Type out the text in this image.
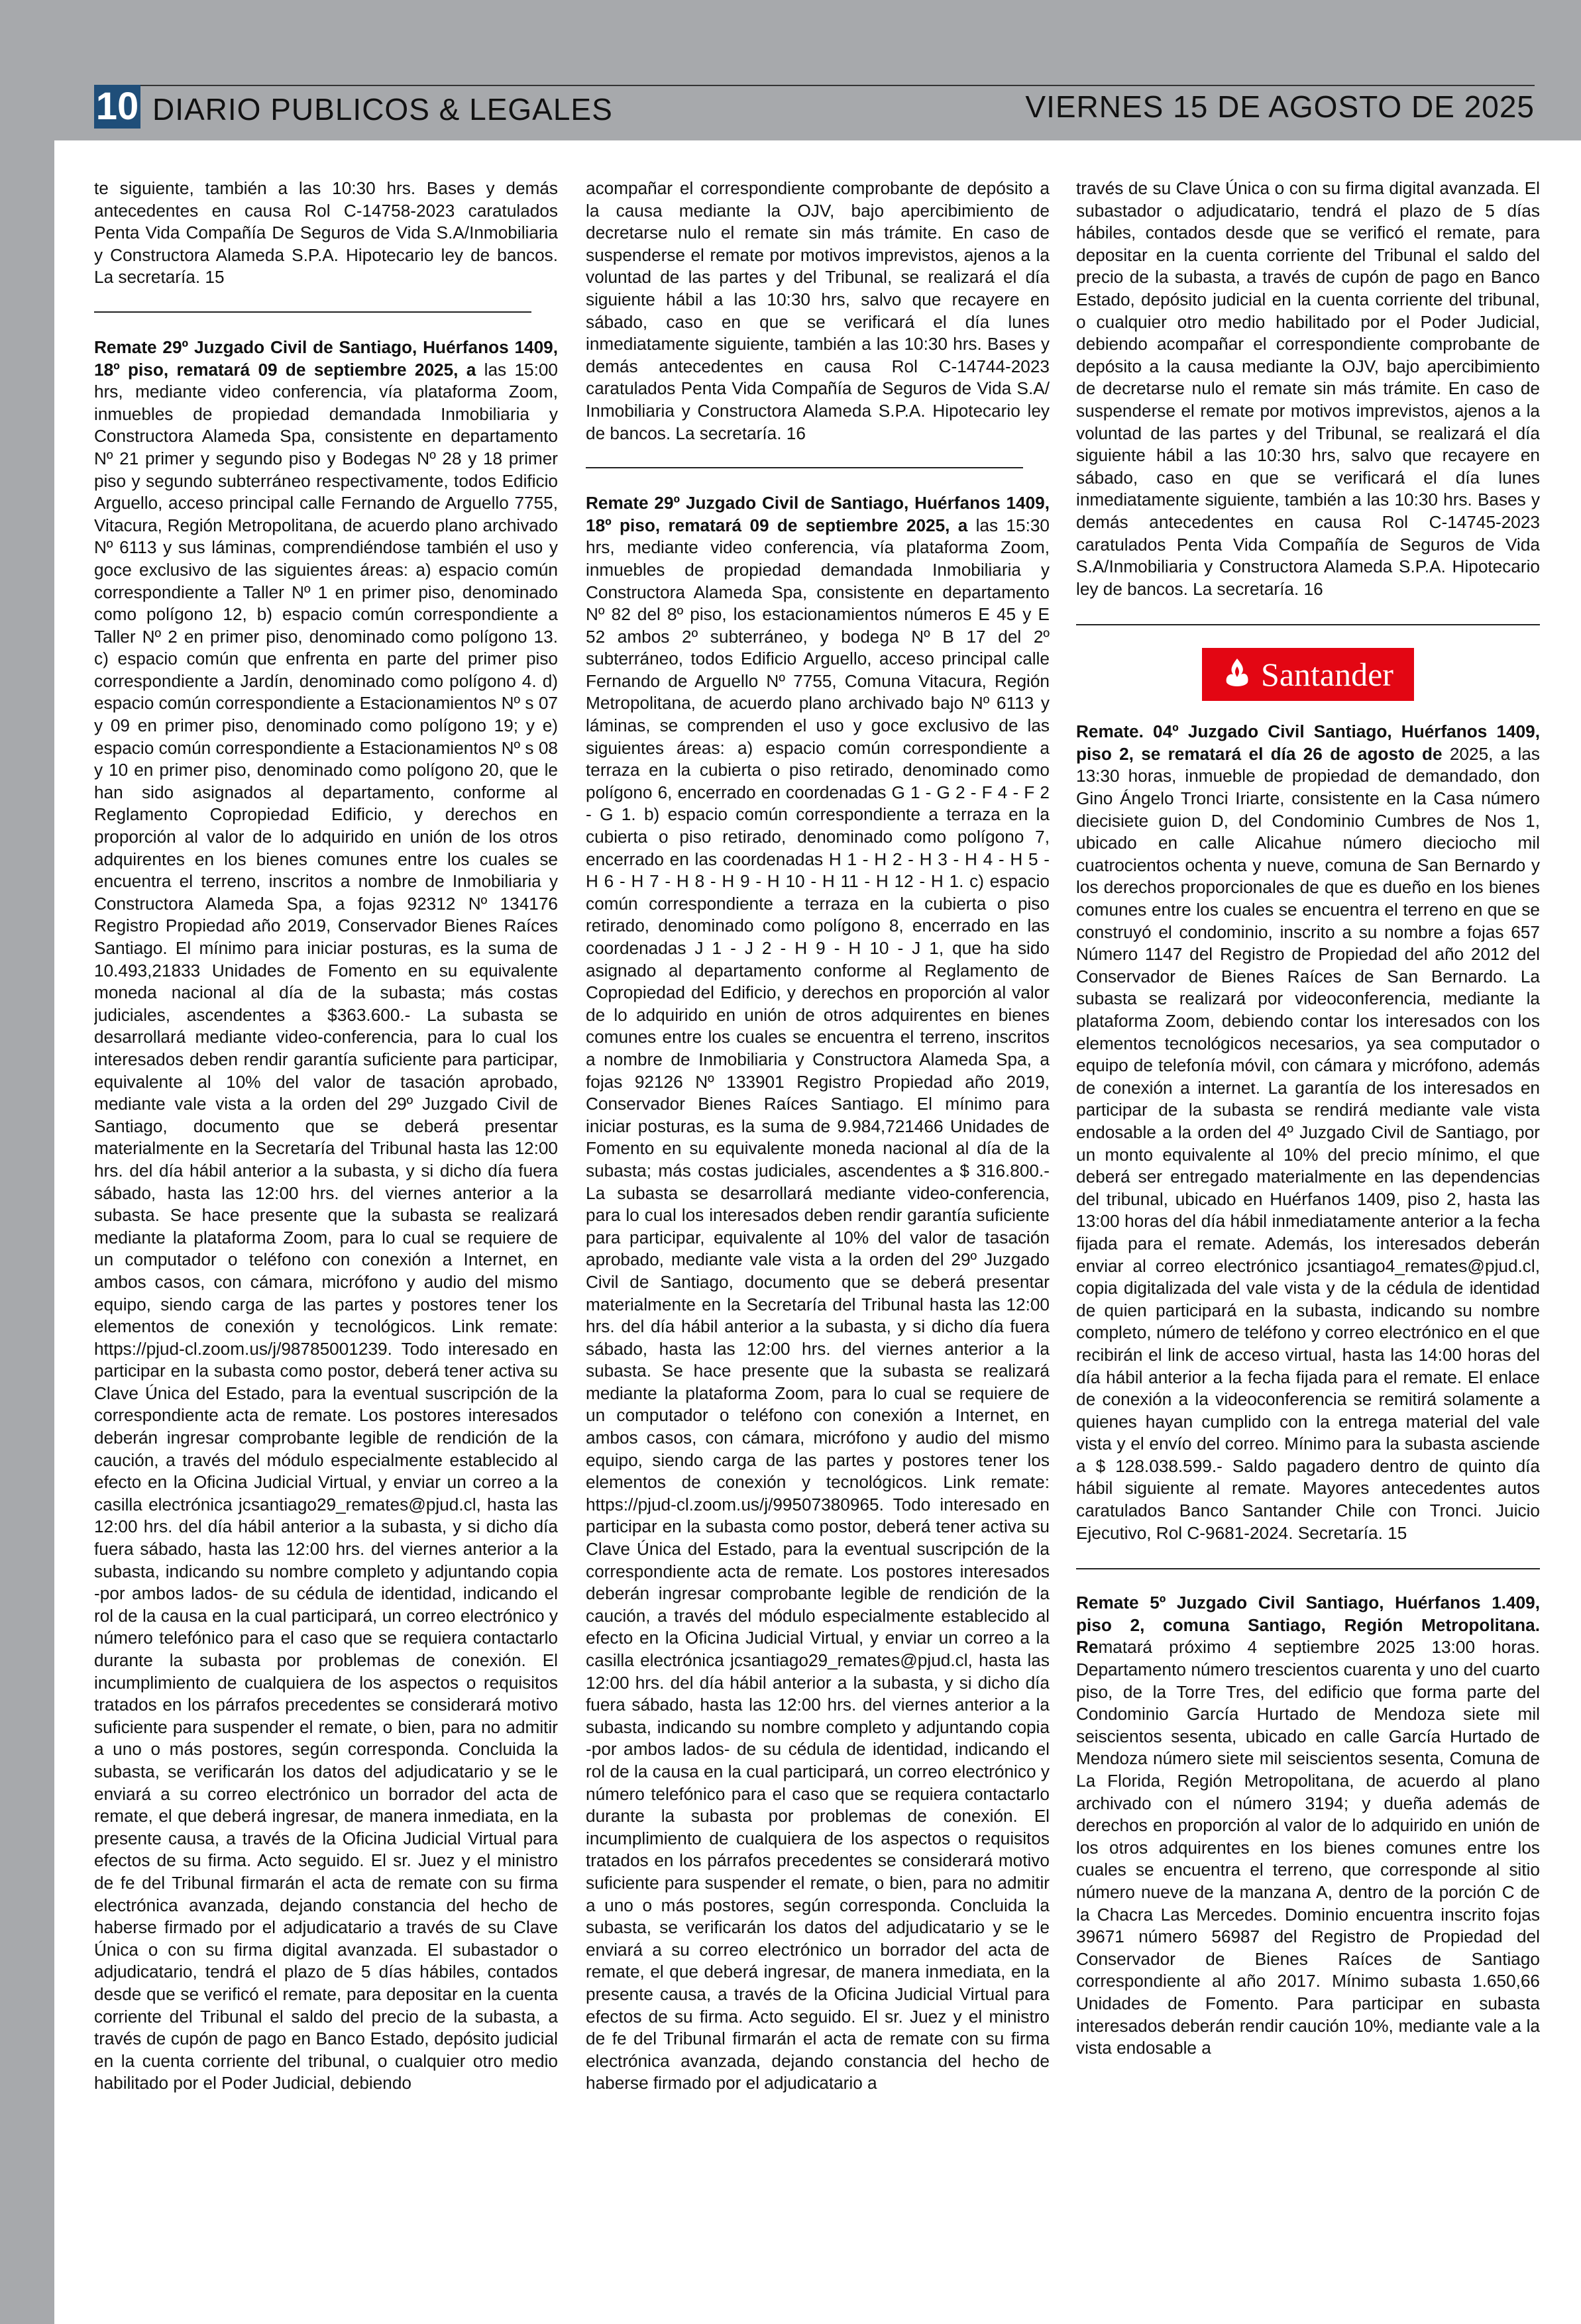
10 DIARIO PUBLICOS & LEGALES	VIERNES 15 DE AGOSTO DE 2025

te siguiente, también a las 10:30 hrs. Bases y demás antecedentes en causa Rol C-14758-2023 caratulados Penta Vida Compañía De Seguros de Vida S.A/Inmobiliaria y Constructora Alameda S.P.A. Hipotecario ley de bancos. La secretaría. 15

Remate 29º Juzgado Civil de Santiago, Huérfanos 1409, 18º piso, rematará 09 de septiembre 2025, a las 15:00 hrs, mediante video conferencia, vía plataforma Zoom, inmuebles de propiedad demandada Inmobiliaria y Constructora Alameda Spa, consistente en departamento Nº 21 primer y segundo piso y Bodegas Nº 28 y 18 primer piso y segundo subterráneo respectivamente, todos Edificio Arguello, acceso principal calle Fernando de Arguello 7755, Vitacura, Región Metropolitana, de acuerdo plano archivado Nº 6113 y sus láminas, comprendiéndose también el uso y goce exclusivo de las siguientes áreas: a) espacio común correspondiente a Taller Nº 1 en primer piso, denominado como polígono 12, b) espacio común correspondiente a Taller Nº 2 en primer piso, denominado como polígono 13. c) espacio común que enfrenta en parte del primer piso correspondiente a Jardín, denominado como polígono 4. d) espacio común correspondiente a Estacionamientos Nº s 07 y 09 en primer piso, denominado como polígono 19; y e) espacio común correspondiente a Estacionamientos Nº s 08 y 10 en primer piso, denominado como polígono 20, que le han sido asignados al departamento, conforme al Reglamento Copropiedad Edificio, y derechos en proporción al valor de lo adquirido en unión de los otros adquirentes en los bienes comunes entre los cuales se encuentra el terreno, inscritos a nombre de Inmobiliaria y Constructora Alameda Spa, a fojas 92312 Nº 134176 Registro Propiedad año 2019, Conservador Bienes Raíces Santiago. El mínimo para iniciar posturas, es la suma de 10.493,21833 Unidades de Fomento en su equivalente moneda nacional al día de la subasta; más costas judiciales, ascendentes a $363.600.- La subasta se desarrollará mediante video-conferencia, para lo cual los interesados deben rendir garantía suficiente para participar, equivalente al 10% del valor de tasación aprobado, mediante vale vista a la orden del 29º Juzgado Civil de Santiago, documento que se deberá presentar materialmente en la Secretaría del Tribunal hasta las 12:00 hrs. del día hábil anterior a la subasta, y si dicho día fuera sábado, hasta las 12:00 hrs. del viernes anterior a la subasta. Se hace presente que la subasta se realizará mediante la plataforma Zoom, para lo cual se requiere de un computador o teléfono con conexión a Internet, en ambos casos, con cámara, micrófono y audio del mismo equipo, siendo carga de las partes y postores tener los elementos de conexión y tecnológicos. Link remate: https://pjud-cl.zoom.us/j/98785001239. Todo interesado en participar en la subasta como postor, deberá tener activa su Clave Única del Estado, para la eventual suscripción de la correspondiente acta de remate. Los postores interesados deberán ingresar comprobante legible de rendición de la caución, a través del módulo especialmente establecido al efecto en la Oficina Judicial Virtual, y enviar un correo a la casilla electrónica jcsantiago29_remates@pjud.cl, hasta las 12:00 hrs. del día hábil anterior a la subasta, y si dicho día fuera sábado, hasta las 12:00 hrs. del viernes anterior a la subasta, indicando su nombre completo y adjuntando copia -por ambos lados- de su cédula de identidad, indicando el rol de la causa en la cual participará, un correo electrónico y número telefónico para el caso que se requiera contactarlo durante la subasta por problemas de conexión. El incumplimiento de cualquiera de los aspectos o requisitos tratados en los párrafos precedentes se considerará motivo suficiente para suspender el remate, o bien, para no admitir a uno o más postores, según corresponda. Concluida la subasta, se verificarán los datos del adjudicatario y se le enviará a su correo electrónico un borrador del acta de remate, el que deberá ingresar, de manera inmediata, en la presente causa, a través de la Oficina Judicial Virtual para efectos de su firma. Acto seguido. El sr. Juez y el ministro de fe del Tribunal firmarán el acta de remate con su firma electrónica avanzada, dejando constancia del hecho de haberse firmado por el adjudicatario a través de su Clave Única o con su firma digital avanzada. El subastador o adjudicatario, tendrá el plazo de 5 días hábiles, contados desde que se verificó el remate, para depositar en la cuenta corriente del Tribunal el saldo del precio de la subasta, a través de cupón de pago en Banco Estado, depósito judicial en la cuenta corriente del tribunal, o cualquier otro medio habilitado por el Poder Judicial, debiendo

acompañar el correspondiente comprobante de depósito a la causa mediante la OJV, bajo apercibimiento de decretarse nulo el remate sin más trámite. En caso de suspenderse el remate por motivos imprevistos, ajenos a la voluntad de las partes y del Tribunal, se realizará el día siguiente hábil a las 10:30 hrs, salvo que recayere en sábado, caso en que se verificará el día lunes inmediatamente siguiente, también a las 10:30 hrs. Bases y demás antecedentes en causa Rol C-14744-2023 caratulados Penta Vida Compañía de Seguros de Vida S.A/ Inmobiliaria y Constructora Alameda S.P.A. Hipotecario ley de bancos. La secretaría. 16

Remate 29º Juzgado Civil de Santiago, Huérfanos 1409, 18º piso, rematará 09 de septiembre 2025, a las 15:30 hrs, mediante video conferencia, vía plataforma Zoom, inmuebles de propiedad demandada Inmobiliaria y Constructora Alameda Spa, consistente en departamento Nº 82 del 8º piso, los estacionamientos números E 45 y E 52 ambos 2º subterráneo, y bodega Nº B 17 del 2º subterráneo, todos Edificio Arguello, acceso principal calle Fernando de Arguello Nº 7755, Comuna Vitacura, Región Metropolitana, de acuerdo plano archivado bajo Nº 6113 y láminas, se comprenden el uso y goce exclusivo de las siguientes áreas: a) espacio común correspondiente a terraza en la cubierta o piso retirado, denominado como polígono 6, encerrado en coordenadas G 1 - G 2 - F 4 - F 2 - G 1. b) espacio común correspondiente a terraza en la cubierta o piso retirado, denominado como polígono 7, encerrado en las coordenadas H 1 - H 2 - H 3 - H 4 - H 5 - H 6 - H 7 - H 8 - H 9 - H 10 - H 11 - H 12 - H 1. c) espacio común correspondiente a terraza en la cubierta o piso retirado, denominado como polígono 8, encerrado en las coordenadas J 1 - J 2 - H 9 - H 10 - J 1, que ha sido asignado al departamento conforme al Reglamento de Copropiedad del Edificio, y derechos en proporción al valor de lo adquirido en unión de otros adquirentes en bienes comunes entre los cuales se encuentra el terreno, inscritos a nombre de Inmobiliaria y Constructora Alameda Spa, a fojas 92126 Nº 133901 Registro Propiedad año 2019, Conservador Bienes Raíces Santiago. El mínimo para iniciar posturas, es la suma de 9.984,721466 Unidades de Fomento en su equivalente moneda nacional al día de la subasta; más costas judiciales, ascendentes a $ 316.800.- La subasta se desarrollará mediante video-conferencia, para lo cual los interesados deben rendir garantía suficiente para participar, equivalente al 10% del valor de tasación aprobado, mediante vale vista a la orden del 29º Juzgado Civil de Santiago, documento que se deberá presentar materialmente en la Secretaría del Tribunal hasta las 12:00 hrs. del día hábil anterior a la subasta, y si dicho día fuera sábado, hasta las 12:00 hrs. del viernes anterior a la subasta. Se hace presente que la subasta se realizará mediante la plataforma Zoom, para lo cual se requiere de un computador o teléfono con conexión a Internet, en ambos casos, con cámara, micrófono y audio del mismo equipo, siendo carga de las partes y postores tener los elementos de conexión y tecnológicos. Link remate: https://pjud-cl.zoom.us/j/99507380965. Todo interesado en participar en la subasta como postor, deberá tener activa su Clave Única del Estado, para la eventual suscripción de la correspondiente acta de remate. Los postores interesados deberán ingresar comprobante legible de rendición de la caución, a través del módulo especialmente establecido al efecto en la Oficina Judicial Virtual, y enviar un correo a la casilla electrónica jcsantiago29_remates@pjud.cl, hasta las 12:00 hrs. del día hábil anterior a la subasta, y si dicho día fuera sábado, hasta las 12:00 hrs. del viernes anterior a la subasta, indicando su nombre completo y adjuntando copia -por ambos lados- de su cédula de identidad, indicando el rol de la causa en la cual participará, un correo electrónico y número telefónico para el caso que se requiera contactarlo durante la subasta por problemas de conexión. El incumplimiento de cualquiera de los aspectos o requisitos tratados en los párrafos precedentes se considerará motivo suficiente para suspender el remate, o bien, para no admitir a uno o más postores, según corresponda. Concluida la subasta, se verificarán los datos del adjudicatario y se le enviará a su correo electrónico un borrador del acta de remate, el que deberá ingresar, de manera inmediata, en la presente causa, a través de la Oficina Judicial Virtual para efectos de su firma. Acto seguido. El sr. Juez y el ministro de fe del Tribunal firmarán el acta de remate con su firma electrónica avanzada, dejando constancia del hecho de haberse firmado por el adjudicatario a

través de su Clave Única o con su firma digital avanzada. El subastador o adjudicatario, tendrá el plazo de 5 días hábiles, contados desde que se verificó el remate, para depositar en la cuenta corriente del Tribunal el saldo del precio de la subasta, a través de cupón de pago en Banco Estado, depósito judicial en la cuenta corriente del tribunal, o cualquier otro medio habilitado por el Poder Judicial, debiendo acompañar el correspondiente comprobante de depósito a la causa mediante la OJV, bajo apercibimiento de decretarse nulo el remate sin más trámite. En caso de suspenderse el remate por motivos imprevistos, ajenos a la voluntad de las partes y del Tribunal, se realizará el día siguiente hábil a las 10:30 hrs, salvo que recayere en sábado, caso en que se verificará el día lunes inmediatamente siguiente, también a las 10:30 hrs. Bases y demás antecedentes en causa Rol C-14745-2023 caratulados Penta Vida Compañía de Seguros de Vida S.A/Inmobiliaria y Constructora Alameda S.P.A. Hipotecario ley de bancos. La secretaría. 16

Santander

Remate. 04º Juzgado Civil Santiago, Huérfanos 1409, piso 2, se rematará el día 26 de agosto de 2025, a las 13:30 horas, inmueble de propiedad de demandado, don Gino Ángelo Tronci Iriarte, consistente en la Casa número diecisiete guion D, del Condominio Cumbres de Nos 1, ubicado en calle Alicahue número dieciocho mil cuatrocientos ochenta y nueve, comuna de San Bernardo y los derechos proporcionales de que es dueño en los bienes comunes entre los cuales se encuentra el terreno en que se construyó el condominio, inscrito a su nombre a fojas 657 Número 1147 del Registro de Propiedad del año 2012 del Conservador de Bienes Raíces de San Bernardo. La subasta se realizará por videoconferencia, mediante la plataforma Zoom, debiendo contar los interesados con los elementos tecnológicos necesarios, ya sea computador o equipo de telefonía móvil, con cámara y micrófono, además de conexión a internet. La garantía de los interesados en participar de la subasta se rendirá mediante vale vista endosable a la orden del 4º Juzgado Civil de Santiago, por un monto equivalente al 10% del precio mínimo, el que deberá ser entregado materialmente en las dependencias del tribunal, ubicado en Huérfanos 1409, piso 2, hasta las 13:00 horas del día hábil inmediatamente anterior a la fecha fijada para el remate. Además, los interesados deberán enviar al correo electrónico jcsantiago4_remates@pjud.cl, copia digitalizada del vale vista y de la cédula de identidad de quien participará en la subasta, indicando su nombre completo, número de teléfono y correo electrónico en el que recibirán el link de acceso virtual, hasta las 14:00 horas del día hábil anterior a la fecha fijada para el remate. El enlace de conexión a la videoconferencia se remitirá solamente a quienes hayan cumplido con la entrega material del vale vista y el envío del correo. Mínimo para la subasta asciende a $ 128.038.599.- Saldo pagadero dentro de quinto día hábil siguiente al remate. Mayores antecedentes autos caratulados Banco Santander Chile con Tronci. Juicio Ejecutivo, Rol C-9681-2024. Secretaría. 15

Remate 5º Juzgado Civil Santiago, Huérfanos 1.409, piso 2, comuna Santiago, Región Metropolitana. Rematará próximo 4 septiembre 2025 13:00 horas. Departamento número trescientos cuarenta y uno del cuarto piso, de la Torre Tres, del edificio que forma parte del Condominio García Hurtado de Mendoza siete mil seiscientos sesenta, ubicado en calle García Hurtado de Mendoza número siete mil seiscientos sesenta, Comuna de La Florida, Región Metropolitana, de acuerdo al plano archivado con el número 3194; y dueña además de derechos en proporción al valor de lo adquirido en unión de los otros adquirentes en los bienes comunes entre los cuales se encuentra el terreno, que corresponde al sitio número nueve de la manzana A, dentro de la porción C de la Chacra Las Mercedes. Dominio encuentra inscrito fojas 39671 número 56987 del Registro de Propiedad del Conservador de Bienes Raíces de Santiago correspondiente al año 2017. Mínimo subasta 1.650,66 Unidades de Fomento. Para participar en subasta interesados deberán rendir caución 10%, mediante vale a la vista endosable a
